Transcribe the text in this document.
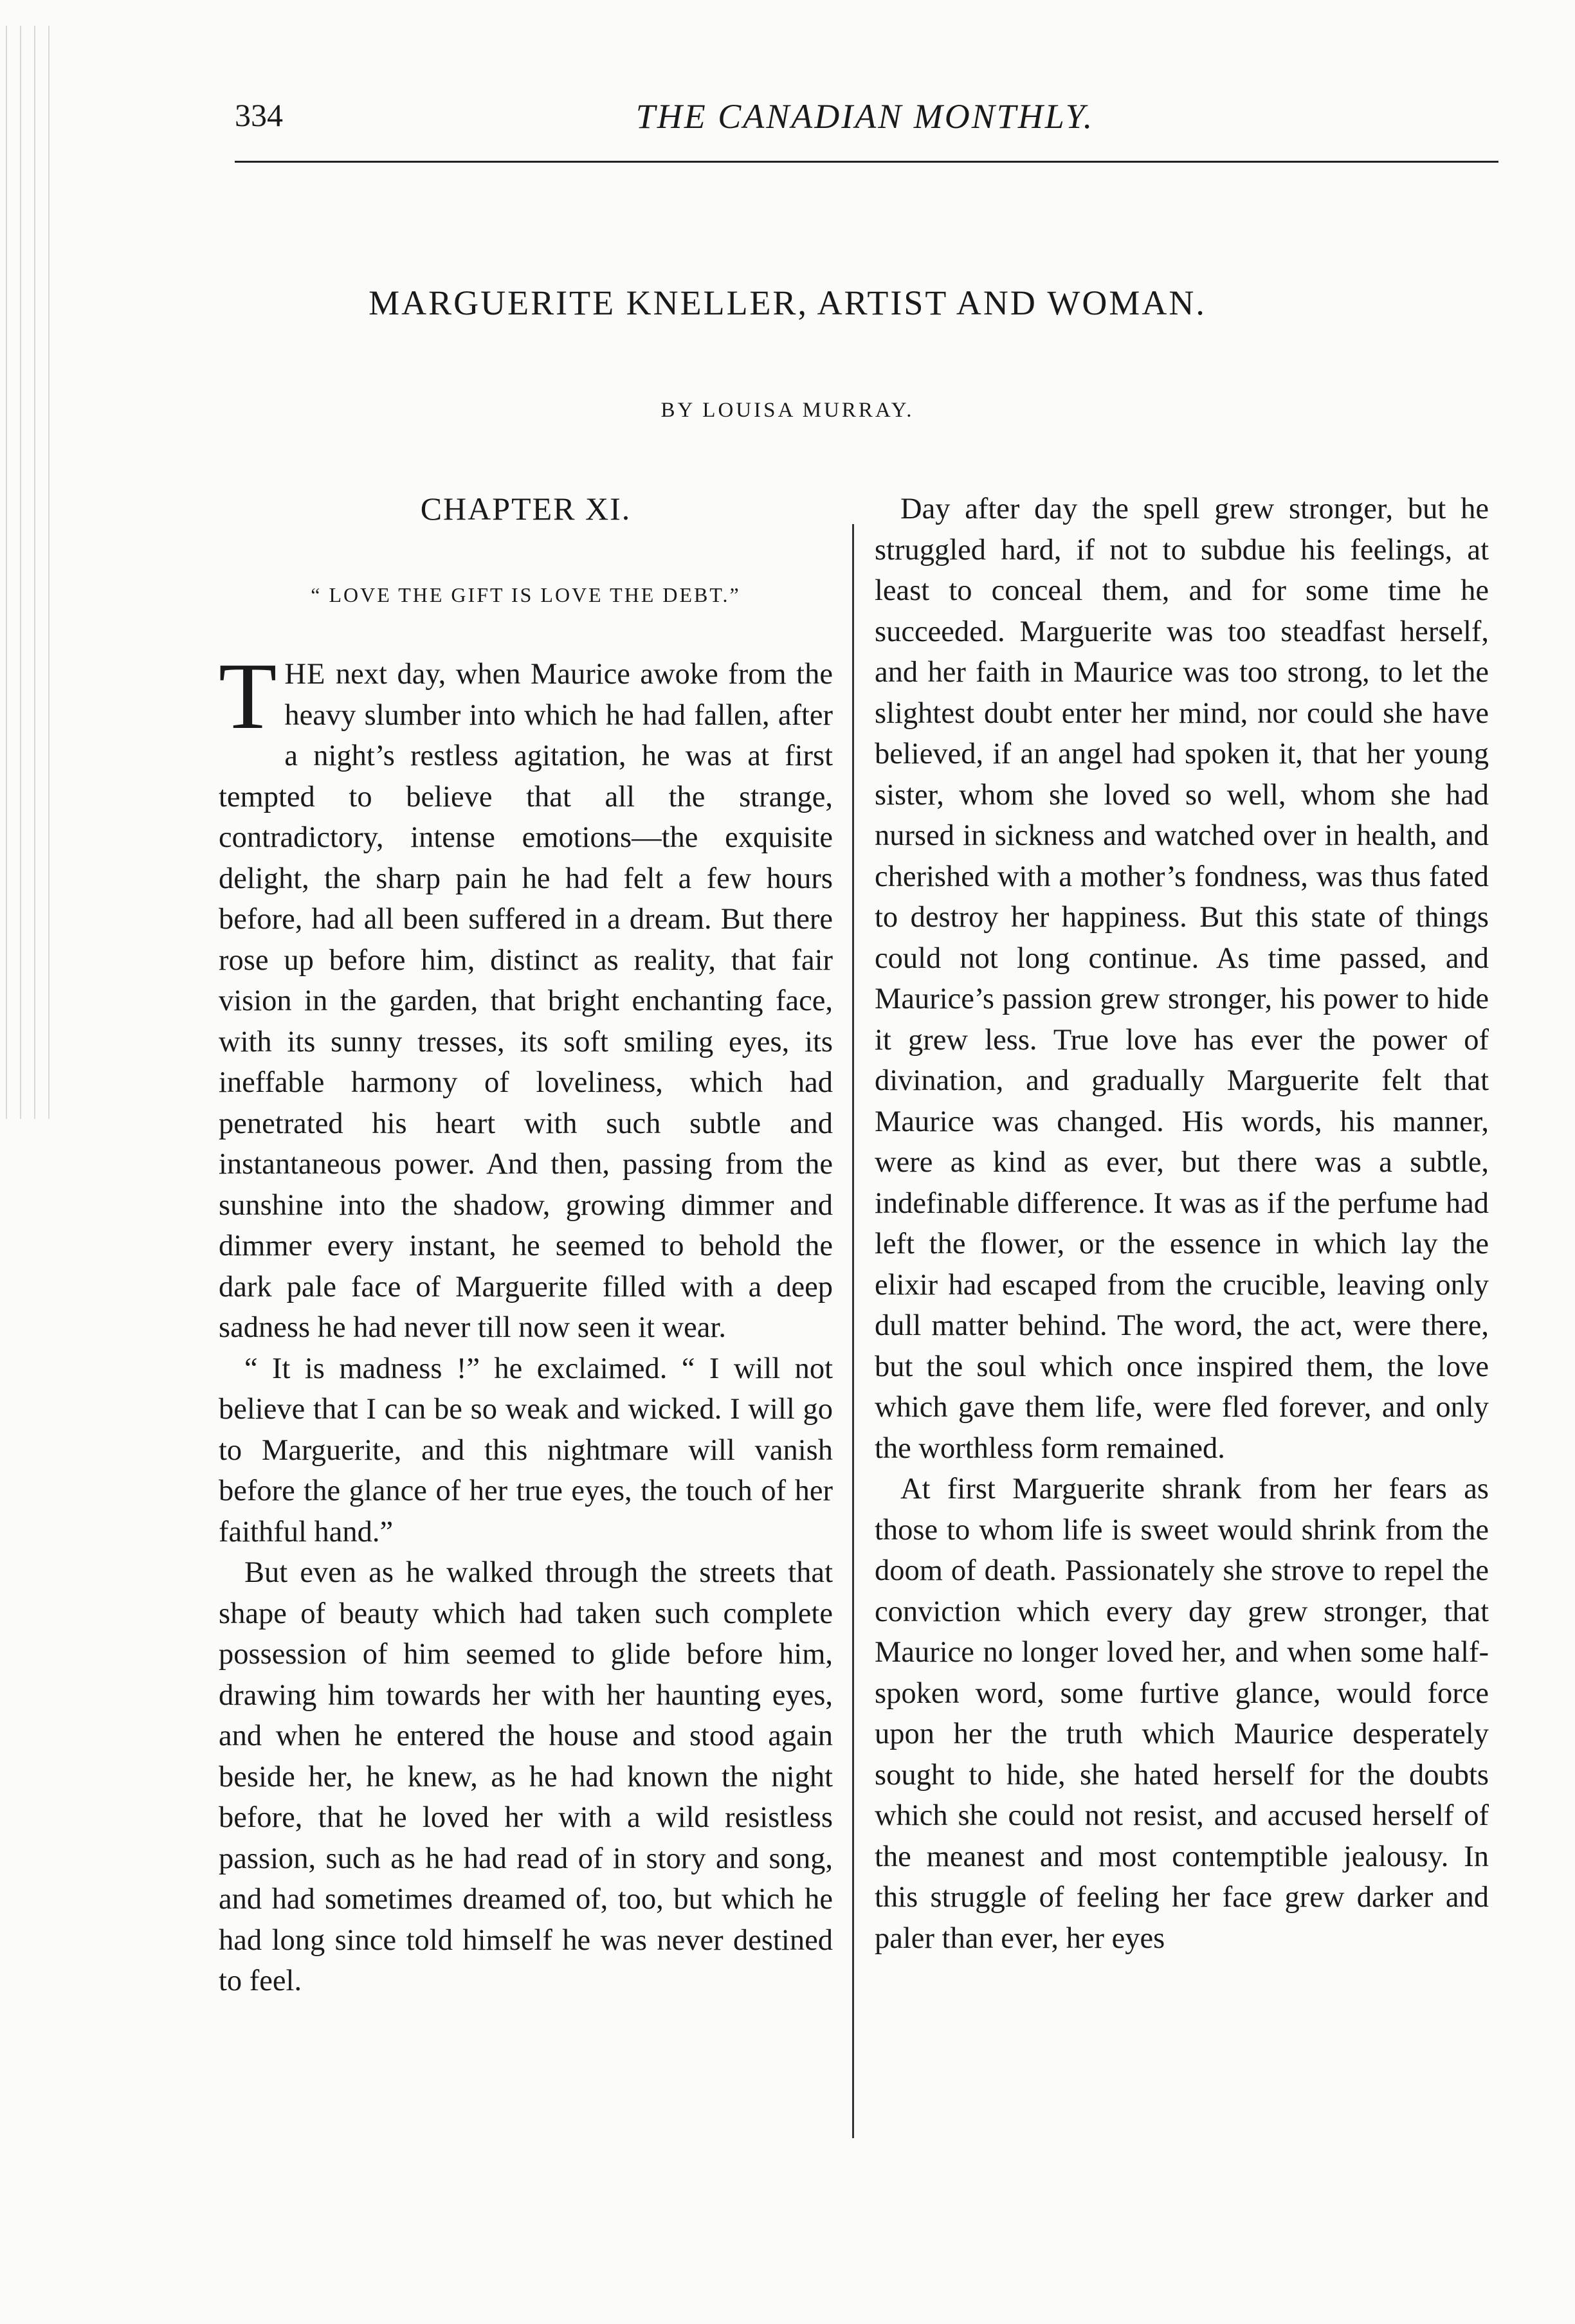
334	THE CANADIAN MONTHLY.
MARGUERITE KNELLER, ARTIST AND WOMAN.
BY LOUISA MURRAY.
CHAPTER XI.
“ LOVE THE GIFT IS LOVE THE DEBT.”

THE next day, when Maurice awoke from the heavy slumber into which he had fallen, after a night’s restless agitation, he was at first tempted to believe that all the strange, contradictory, intense emotions—the exquisite delight, the sharp pain he had felt a few hours before, had all been suffered in a dream. But there rose up before him, distinct as reality, that fair vision in the garden, that bright enchanting face, with its sunny tresses, its soft smiling eyes, its ineffable harmony of loveliness, which had penetrated his heart with such subtle and instantaneous power. And then, passing from the sunshine into the shadow, growing dimmer and dimmer every instant, he seemed to behold the dark pale face of Marguerite filled with a deep sadness he had never till now seen it wear.

“ It is madness !” he exclaimed. “ I will not believe that I can be so weak and wicked. I will go to Marguerite, and this nightmare will vanish before the glance of her true eyes, the touch of her faithful hand.”

But even as he walked through the streets that shape of beauty which had taken such complete possession of him seemed to glide before him, drawing him towards her with her haunting eyes, and when he entered the house and stood again beside her, he knew, as he had known the night before, that he loved her with a wild resistless passion, such as he had read of in story and song, and had sometimes dreamed of, too, but which he had long since told himself he was never destined to feel.

Day after day the spell grew stronger, but he struggled hard, if not to subdue his feelings, at least to conceal them, and for some time he succeeded. Marguerite was too steadfast herself, and her faith in Maurice was too strong, to let the slightest doubt enter her mind, nor could she have believed, if an angel had spoken it, that her young sister, whom she loved so well, whom she had nursed in sickness and watched over in health, and cherished with a mother’s fondness, was thus fated to destroy her happiness. But this state of things could not long continue. As time passed, and Maurice’s passion grew stronger, his power to hide it grew less. True love has ever the power of divination, and gradually Marguerite felt that Maurice was changed. His words, his manner, were as kind as ever, but there was a subtle, indefinable difference. It was as if the perfume had left the flower, or the essence in which lay the elixir had escaped from the crucible, leaving only dull matter behind. The word, the act, were there, but the soul which once inspired them, the love which gave them life, were fled forever, and only the worthless form remained.

At first Marguerite shrank from her fears as those to whom life is sweet would shrink from the doom of death. Passionately she strove to repel the conviction which every day grew stronger, that Maurice no longer loved her, and when some half-spoken word, some furtive glance, would force upon her the truth which Maurice desperately sought to hide, she hated herself for the doubts which she could not resist, and accused herself of the meanest and most contemptible jealousy. In this struggle of feeling her face grew darker and paler than ever, her eyes
